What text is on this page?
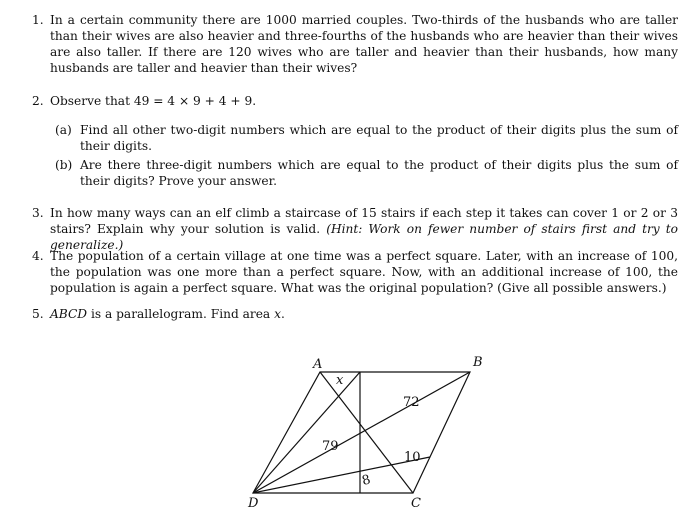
1. In a certain community there are 1000 married couples. Two-thirds of the husbands who are taller than their wives are also heavier and three-fourths of the husbands who are heavier than their wives are also taller. If there are 120 wives who are taller and heavier than their husbands, how many husbands are taller and heavier than their wives?
2. Observe that 49 = 4 × 9 + 4 + 9.
(a) Find all other two-digit numbers which are equal to the product of their digits plus the sum of their digits.
(b) Are there three-digit numbers which are equal to the product of their digits plus the sum of their digits? Prove your answer.
3. In how many ways can an elf climb a staircase of 15 stairs if each step it takes can cover 1 or 2 or 3 stairs? Explain why your solution is valid. (Hint: Work on fewer number of stairs first and try to generalize.)
4. The population of a certain village at one time was a perfect square. Later, with an increase of 100, the population was one more than a perfect square. Now, with an additional increase of 100, the population is again a perfect square. What was the original population? (Give all possible answers.)
5. ABCD is a parallelogram. Find area x.
A	B
C
D
x
72
79
10
8
